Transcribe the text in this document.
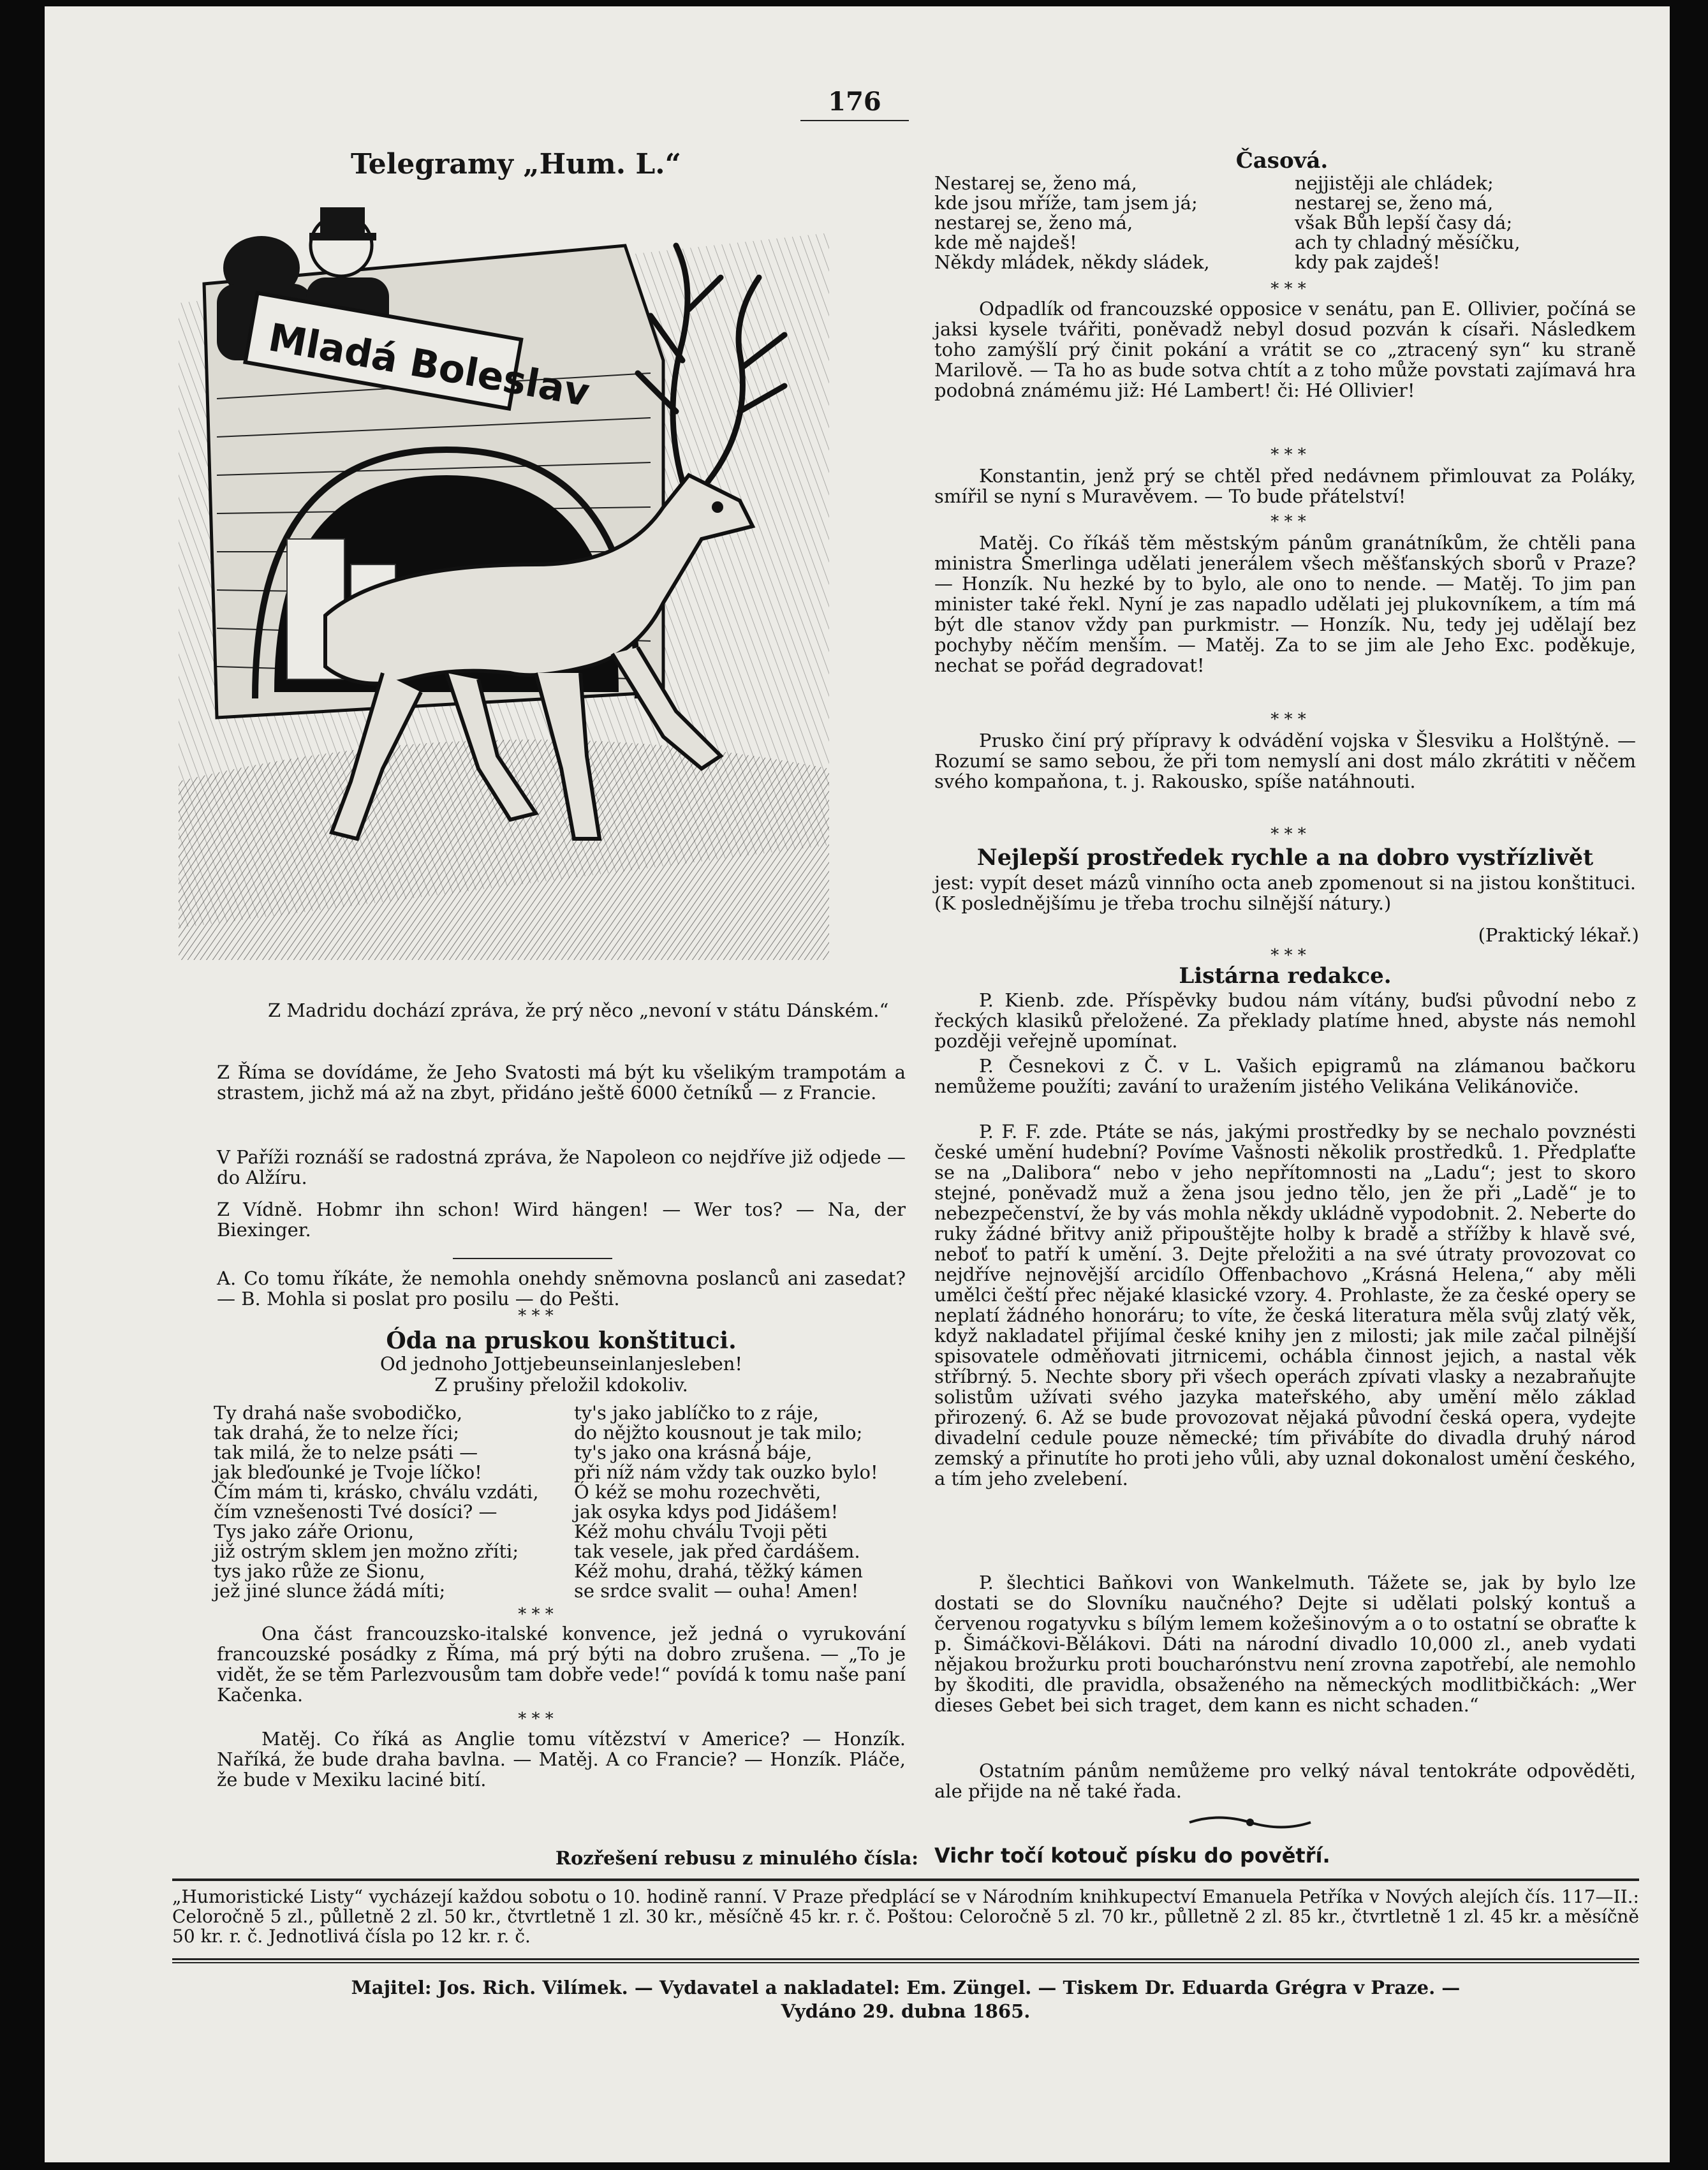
176
Telegramy „Hum. L.“
Mladá Boleslav
Z Madridu dochází zpráva, že prý něco „nevoní v státu Dánském.“
Z Říma se dovídáme, že Jeho Svatosti má být ku všelikým trampotám a strastem, jichž má až na zbyt, přidáno ještě 6000 četníků — z Francie.
V Paříži roznáší se radostná zpráva, že Napoleon co nejdříve již odjede — do Alžíru.
Z Vídně. Hobmr ihn schon! Wird hängen! — Wer tos? — Na, der Biexinger.
A. Co tomu říkáte, že nemohla onehdy sněmovna poslanců ani zasedat? — B. Mohla si poslat pro posilu — do Pešti.
* * *
Óda na pruskou konštituci.
Od jednoho Jottjebeunseinlanjesleben!
Z prušiny přeložil kdokoliv.
Ty drahá naše svobodičko,
tak drahá, že to nelze říci;
tak milá, že to nelze psáti —
jak bleďounké je Tvoje líčko!
Čím mám ti, krásko, chválu vzdáti,
čím vznešenosti Tvé dosíci? —
Tys jako záře Orionu,
již ostrým sklem jen možno zříti;
tys jako růže ze Sionu,
jež jiné slunce žádá míti;
ty's jako jablíčko to z ráje,
do nějžto kousnout je tak milo;
ty's jako ona krásná báje,
při níž nám vždy tak ouzko bylo!
Ó kéž se mohu rozechvěti,
jak osyka kdys pod Jidášem!
Kéž mohu chválu Tvoji pěti
tak vesele, jak před čardášem.
Kéž mohu, drahá, těžký kámen
se srdce svalit — ouha! Amen!
* * *
Ona část francouzsko-italské konvence, jež jedná o vyrukování francouzské posádky z Říma, má prý býti na dobro zrušena. — „To je vidět, že se těm Parlezvousům tam dobře vede!“ povídá k tomu naše paní Kačenka.
* * *
Matěj. Co říká as Anglie tomu vítězství v Americe? — Honzík. Naříká, že bude draha bavlna. — Matěj. A co Francie? — Honzík. Pláče, že bude v Mexiku laciné bití.
Časová.
Nestarej se, ženo má,
kde jsou mříže, tam jsem já;
nestarej se, ženo má,
kde mě najdeš!
Někdy mládek, někdy sládek,
nejjistěji ale chládek;
nestarej se, ženo má,
však Bůh lepší časy dá;
ach ty chladný měsíčku,
kdy pak zajdeš!
* * *
Odpadlík od francouzské opposice v senátu, pan E. Ollivier, počíná se jaksi kysele tvářiti, poněvadž nebyl dosud pozván k císaři. Následkem toho zamýšlí prý činit pokání a vrátit se co „ztracený syn“ ku straně Marilově. — Ta ho as bude sotva chtít a z toho může povstati zajímavá hra podobná známému již: Hé Lambert! či: Hé Ollivier!
* * *
Konstantin, jenž prý se chtěl před nedávnem přimlouvat za Poláky, smířil se nyní s Muravěvem. — To bude přátelství!
* * *
Matěj. Co říkáš těm městským pánům granátníkům, že chtěli pana ministra Šmerlinga udělati jenerálem všech měšťanských sborů v Praze? — Honzík. Nu hezké by to bylo, ale ono to nende. — Matěj. To jim pan minister také řekl. Nyní je zas napadlo udělati jej plukovníkem, a tím má být dle stanov vždy pan purkmistr. — Honzík. Nu, tedy jej udělají bez pochyby něčím menším. — Matěj. Za to se jim ale Jeho Exc. poděkuje, nechat se pořád degradovat!
* * *
Prusko činí prý přípravy k odvádění vojska v Šlesviku a Holštýně. — Rozumí se samo sebou, že při tom nemyslí ani dost málo zkrátiti v něčem svého kompaňona, t. j. Rakousko, spíše natáhnouti.
* * *
Nejlepší prostředek rychle a na dobro vystřízlivět
jest: vypít deset mázů vinního octa aneb zpomenout si na jistou konštituci. (K poslednějšímu je třeba trochu silnější nátury.)
(Praktický lékař.)
* * *
Listárna redakce.
P. Kienb. zde. Příspěvky budou nám vítány, buďsi původní nebo z řeckých klasiků přeložené. Za překlady platíme hned, abyste nás nemohl později veřejně upomínat.
P. Česnekovi z Č. v L. Vašich epigramů na zlámanou bačkoru nemůžeme použíti; zavání to uražením jistého Velikána Velikánoviče.
P. F. F. zde. Ptáte se nás, jakými prostředky by se nechalo povznésti české umění hudební? Povíme Vašnosti několik prostředků. 1. Předplaťte se na „Dalibora“ nebo v jeho nepřítomnosti na „Ladu“; jest to skoro stejné, poněvadž muž a žena jsou jedno tělo, jen že při „Ladě“ je to nebezpečenství, že by vás mohla někdy ukládně vypodobnit. 2. Neberte do ruky žádné břitvy aniž připouštějte holby k bradě a střížby k hlavě své, neboť to patří k umění. 3. Dejte přeložiti a na své útraty provozovat co nejdříve nejnovější arcidílo Offenbachovo „Krásná Helena,“ aby měli umělci čeští přec nějaké klasické vzory. 4. Prohlaste, že za české opery se neplatí žádného honoráru; to víte, že česká literatura měla svůj zlatý věk, když nakladatel přijímal české knihy jen z milosti; jak mile začal pilnější spisovatele odměňovati jitrnicemi, ochábla činnost jejich, a nastal věk stříbrný. 5. Nechte sbory při všech operách zpívati vlasky a nezabraňujte solistům užívati svého jazyka mateřského, aby umění mělo základ přirozený. 6. Až se bude provozovat nějaká původní česká opera, vydejte divadelní cedule pouze německé; tím přivábíte do divadla druhý národ zemský a přinutíte ho proti jeho vůli, aby uznal dokonalost umění českého, a tím jeho zvelebení.
P. šlechtici Baňkovi von Wankelmuth. Tážete se, jak by bylo lze dostati se do Slovníku naučného? Dejte si udělati polský kontuš a červenou rogatyvku s bílým lemem kožešinovým a o to ostatní se obraťte k p. Šimáčkovi-Bělákovi. Dáti na národní divadlo 10,000 zl., aneb vydati nějakou brožurku proti boucharónstvu není zrovna zapotřebí, ale nemohlo by škoditi, dle pravidla, obsaženého na německých modlitbičkách: „Wer dieses Gebet bei sich traget, dem kann es nicht schaden.“
Ostatním pánům nemůžeme pro velký nával tentokráte odpověděti, ale přijde na ně také řada.
Rozřešení rebusu z minulého čísla: Vichr točí kotouč písku do povětří.
„Humoristické Listy“ vycházejí každou sobotu o 10. hodině ranní. V Praze předplácí se v Národním knihkupectví Emanuela Petříka v Nových alejích čís. 117—II.: Celoročně 5 zl., půlletně 2 zl. 50 kr., čtvrtletně 1 zl. 30 kr., měsíčně 45 kr. r. č. Poštou: Celoročně 5 zl. 70 kr., půlletně 2 zl. 85 kr., čtvrtletně 1 zl. 45 kr. a měsíčně 50 kr. r. č. Jednotlivá čísla po 12 kr. r. č.
Majitel: Jos. Rich. Vilímek. — Vydavatel a nakladatel: Em. Züngel. — Tiskem Dr. Eduarda Grégra v Praze. —
Vydáno 29. dubna 1865.
